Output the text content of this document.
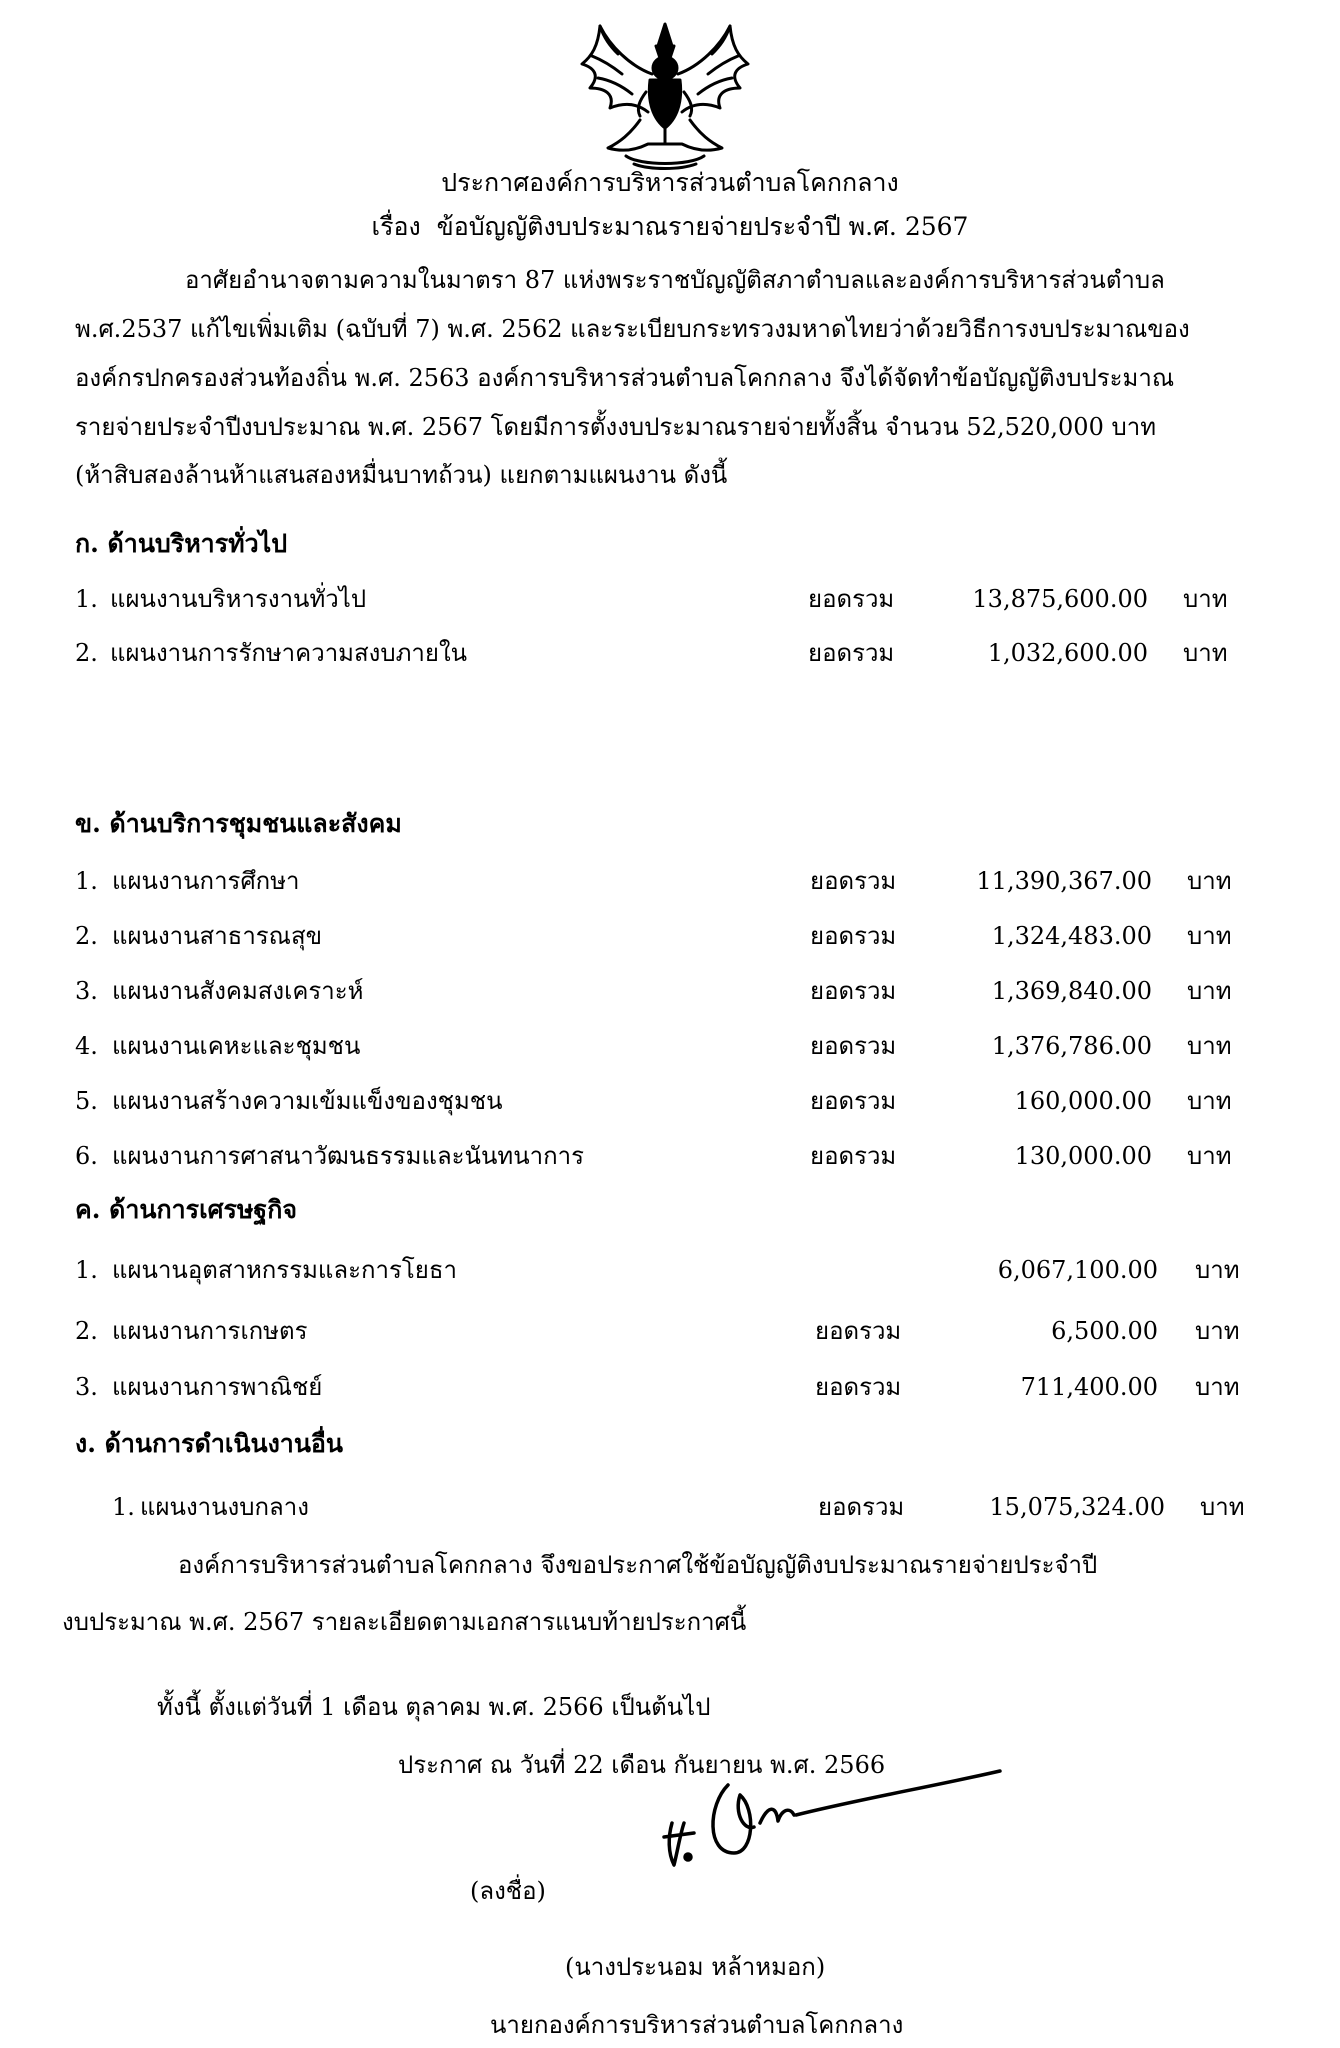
ประกาศองค์การบริหารส่วนตำบลโคกกลาง
เรื่อง ข้อบัญญัติงบประมาณรายจ่ายประจำปี พ.ศ. 2567
อาศัยอำนาจตามความในมาตรา 87 แห่งพระราชบัญญัติสภาตำบลและองค์การบริหารส่วนตำบล
พ.ศ.2537 แก้ไขเพิ่มเติม (ฉบับที่ 7) พ.ศ. 2562 และระเบียบกระทรวงมหาดไทยว่าด้วยวิธีการงบประมาณของ
องค์กรปกครองส่วนท้องถิ่น พ.ศ. 2563 องค์การบริหารส่วนตำบลโคกกลาง จึงได้จัดทำข้อบัญญัติงบประมาณ
รายจ่ายประจำปีงบประมาณ พ.ศ. 2567 โดยมีการตั้งงบประมาณรายจ่ายทั้งสิ้น จำนวน 52,520,000 บาท
(ห้าสิบสองล้านห้าแสนสองหมื่นบาทถ้วน) แยกตามแผนงาน ดังนี้
ก. ด้านบริหารทั่วไป
1. แผนงานบริหารงานทั่วไป	ยอดรวม	13,875,600.00 บาท
2. แผนงานการรักษาความสงบภายใน	ยอดรวม	1,032,600.00 บาท
ข. ด้านบริการชุมชนและสังคม
1. แผนงานการศึกษา	ยอดรวม	11,390,367.00 บาท
2. แผนงานสาธารณสุข	ยอดรวม	1,324,483.00 บาท
3. แผนงานสังคมสงเคราะห์	ยอดรวม	1,369,840.00 บาท
4. แผนงานเคหะและชุมชน	ยอดรวม	1,376,786.00 บาท
5. แผนงานสร้างความเข้มแข็งของชุมชน	ยอดรวม	160,000.00 บาท
6. แผนงานการศาสนาวัฒนธรรมและนันทนาการ	ยอดรวม	130,000.00 บาท
ค. ด้านการเศรษฐกิจ
1. แผนานอุตสาหกรรมและการโยธา	6,067,100.00 บาท
2. แผนงานการเกษตร	ยอดรวม	6,500.00 บาท
3. แผนงานการพาณิชย์	ยอดรวม	711,400.00 บาท
ง. ด้านการดำเนินงานอื่น
1. แผนงานงบกลาง	ยอดรวม	15,075,324.00 บาท
องค์การบริหารส่วนตำบลโคกกลาง จึงขอประกาศใช้ข้อบัญญัติงบประมาณรายจ่ายประจำปี
งบประมาณ พ.ศ. 2567 รายละเอียดตามเอกสารแนบท้ายประกาศนี้
ทั้งนี้ ตั้งแต่วันที่ 1 เดือน ตุลาคม พ.ศ. 2566 เป็นต้นไป
ประกาศ ณ วันที่ 22 เดือน กันยายน พ.ศ. 2566
(ลงชื่อ)
(นางประนอม หล้าหมอก)
นายกองค์การบริหารส่วนตำบลโคกกลาง
